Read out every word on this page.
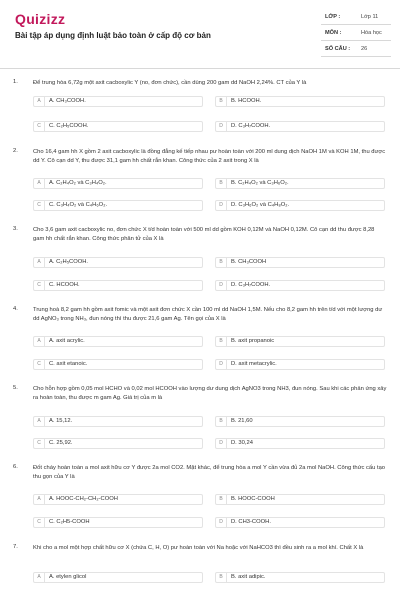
Quizizz
Bài tập áp dụng định luật bảo toàn ở cấp độ cơ bản
LỚP :	Lớp 11
MÔN :	Hóa học
SỐ CÂU : 26
1.	Để trung hòa 6,72g một axit cacboxylic Y (no, đơn chức), cần dùng 200 gam dd NaOH 2,24%. CT của Y là
A	A. CH₃COOH.	B	B. HCOOH.
C	C. C₂H₅COOH.	D	D. C₃H₇COOH.
2.	Cho 16,4 gam hh X gồm 2 axit cacboxylic là đồng đẳng kế tiếp nhau pư hoàn toàn với 200 ml dung dịch NaOH 1M và KOH 1M, thu được dd Y. Cô cạn dd Y, thu được 31,1 gam hh chất rắn khan. Công thức của 2 axit trong X là
A	A. C₂H₄O₂ và C₃H₄O₂.	B	B. C₂H₄O₂ và C₃H₆O₂.
C	C. C₃H₄O₂ và C₄H₆O₂.	D	D. C₃H₆O₂ và C₄H₈O₂.
3.	Cho 3,6 gam axit cacboxylic no, đơn chức X t/d hoàn toàn với 500 ml dd gồm KOH 0,12M và NaOH 0,12M. Cô cạn dd thu được 8,28 gam hh chất rắn khan. Công thức phân tử của X là
A	A. C₂H₅COOH.	B	B. CH₃COOH
C	C. HCOOH.	D	D. C₃H₇COOH.
4.	Trung hoà 8,2 gam hh gồm axit fomic và một axit đơn chức X cần 100 ml dd NaOH 1,5M. Nếu cho 8,2 gam hh trên t/d với một lượng dư dd AgNO₃ trong NH₃, đun nóng thì thu được 21,6 gam Ag. Tên gọi của X là
A	A. axit acrylic.	B	B. axit propanoic
C	C. axit etanoic.	D	D. axit metacrylic.
5.	Cho hỗn hợp gồm 0,05 mol HCHO và 0,02 mol HCOOH vào lượng dư dung dịch AgNO3 trong NH3, đun nóng. Sau khi các phản ứng xảy ra hoàn toàn, thu được m gam Ag. Giá trị của m là
A	A. 15,12.	B	B. 21,60
C	C. 25,92.	D	D. 30,24
6.	Đốt cháy hoàn toàn a mol axit hữu cơ Y được 2a mol CO2. Mặt khác, để trung hòa a mol Y cần vừa đủ 2a mol NaOH. Công thức cấu tạo thu gọn của Y là
A	A. HOOC-CH₂-CH₂-COOH	B	B. HOOC-COOH
C	C. C₂H5-COOH	D	D. CH3-COOH.
7.	Khi cho a mol một hợp chất hữu cơ X (chứa C, H, O) pư hoàn toàn với Na hoặc với NaHCO3 thì đều sinh ra a mol khí. Chất X là
A	A. etylen glicol	B	B. axit adipic.
